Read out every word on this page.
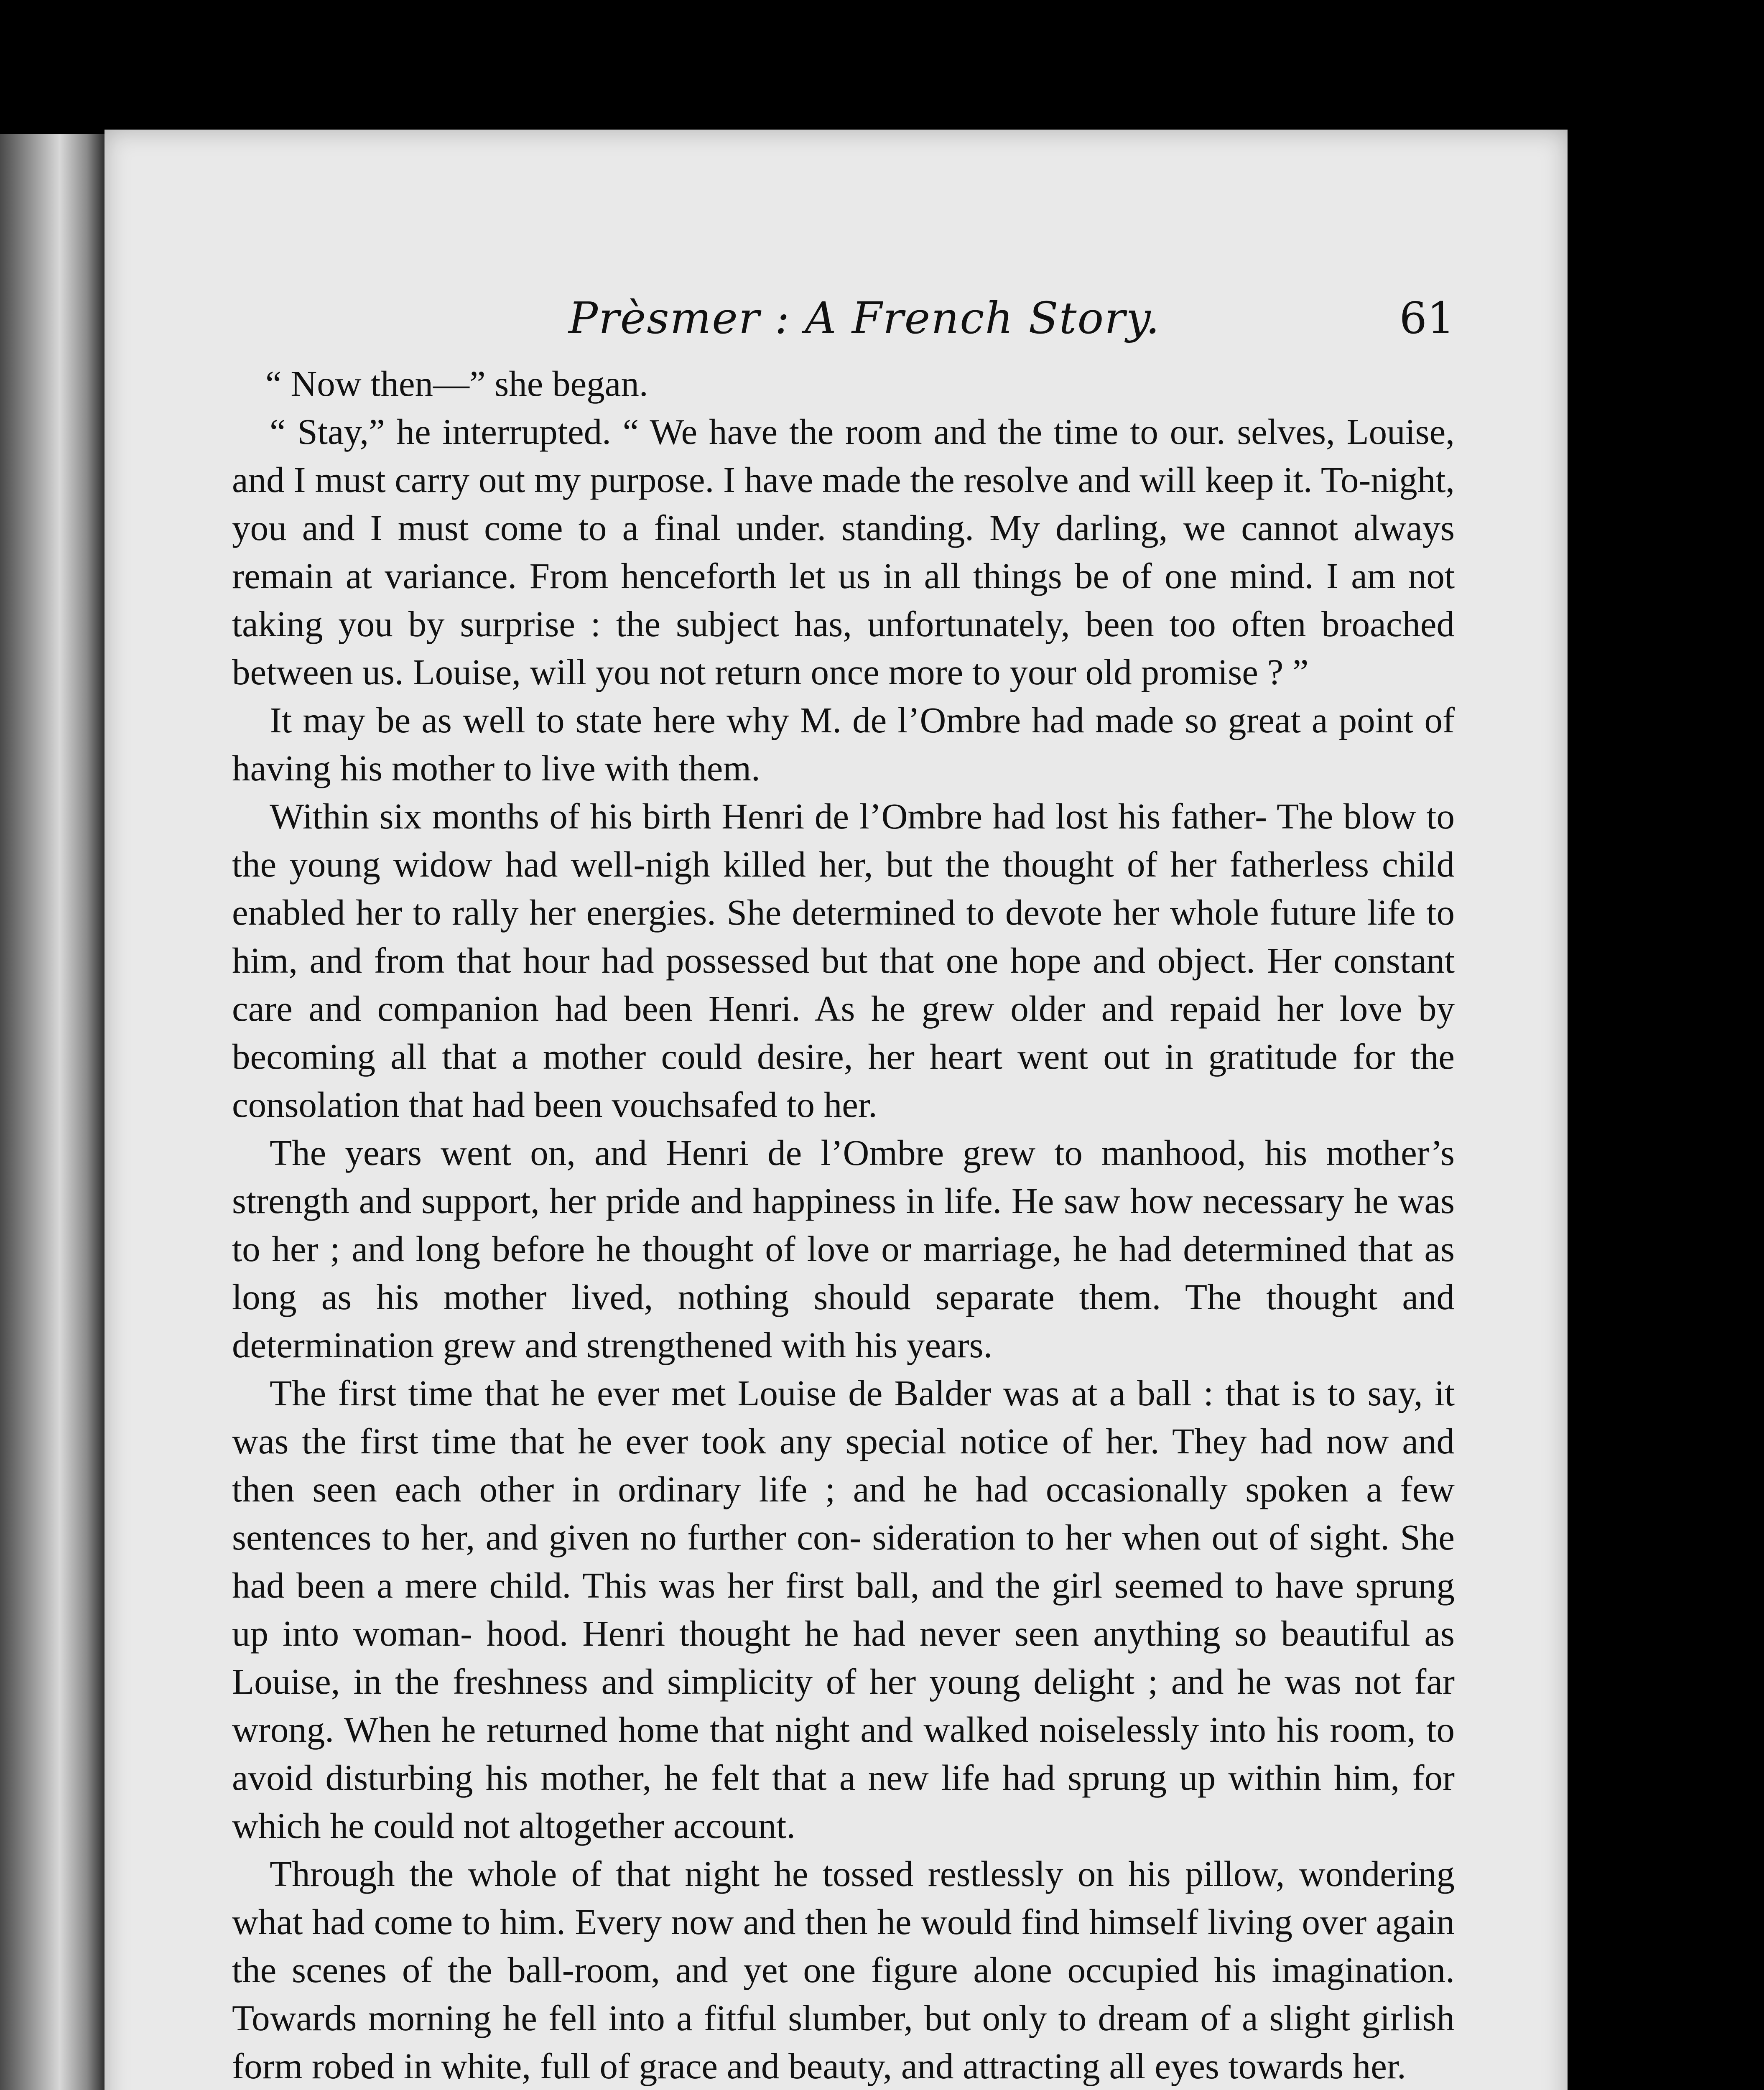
Prèsmer : A French Story.	61

“ Now then—” she began.

“ Stay,” he interrupted. “ We have the room and the time to our. selves, Louise, and I must carry out my purpose. I have made the resolve and will keep it. To-night, you and I must come to a final under. standing. My darling, we cannot always remain at variance. From henceforth let us in all things be of one mind. I am not taking you by surprise : the subject has, unfortunately, been too often broached between us. Louise, will you not return once more to your old promise ? ”

It may be as well to state here why M. de l’Ombre had made so great a point of having his mother to live with them.

Within six months of his birth Henri de l’Ombre had lost his father- The blow to the young widow had well-nigh killed her, but the thought of her fatherless child enabled her to rally her energies. She determined to devote her whole future life to him, and from that hour had possessed but that one hope and object. Her constant care and companion had been Henri. As he grew older and repaid her love by becoming all that a mother could desire, her heart went out in gratitude for the consolation that had been vouchsafed to her.

The years went on, and Henri de l’Ombre grew to manhood, his mother’s strength and support, her pride and happiness in life. He saw how necessary he was to her ; and long before he thought of love or marriage, he had determined that as long as his mother lived, nothing should separate them. The thought and determination grew and strengthened with his years.

The first time that he ever met Louise de Balder was at a ball : that is to say, it was the first time that he ever took any special notice of her. They had now and then seen each other in ordinary life ; and he had occasionally spoken a few sentences to her, and given no further con- sideration to her when out of sight. She had been a mere child. This was her first ball, and the girl seemed to have sprung up into woman- hood. Henri thought he had never seen anything so beautiful as Louise, in the freshness and simplicity of her young delight ; and he was not far wrong. When he returned home that night and walked noiselessly into his room, to avoid disturbing his mother, he felt that a new life had sprung up within him, for which he could not altogether account.

Through the whole of that night he tossed restlessly on his pillow, wondering what had come to him. Every now and then he would find himself living over again the scenes of the ball-room, and yet one figure alone occupied his imagination. Towards morning he fell into a fitful slumber, but only to dream of a slight girlish form robed in white, full of grace and beauty, and attracting all eyes towards her.
